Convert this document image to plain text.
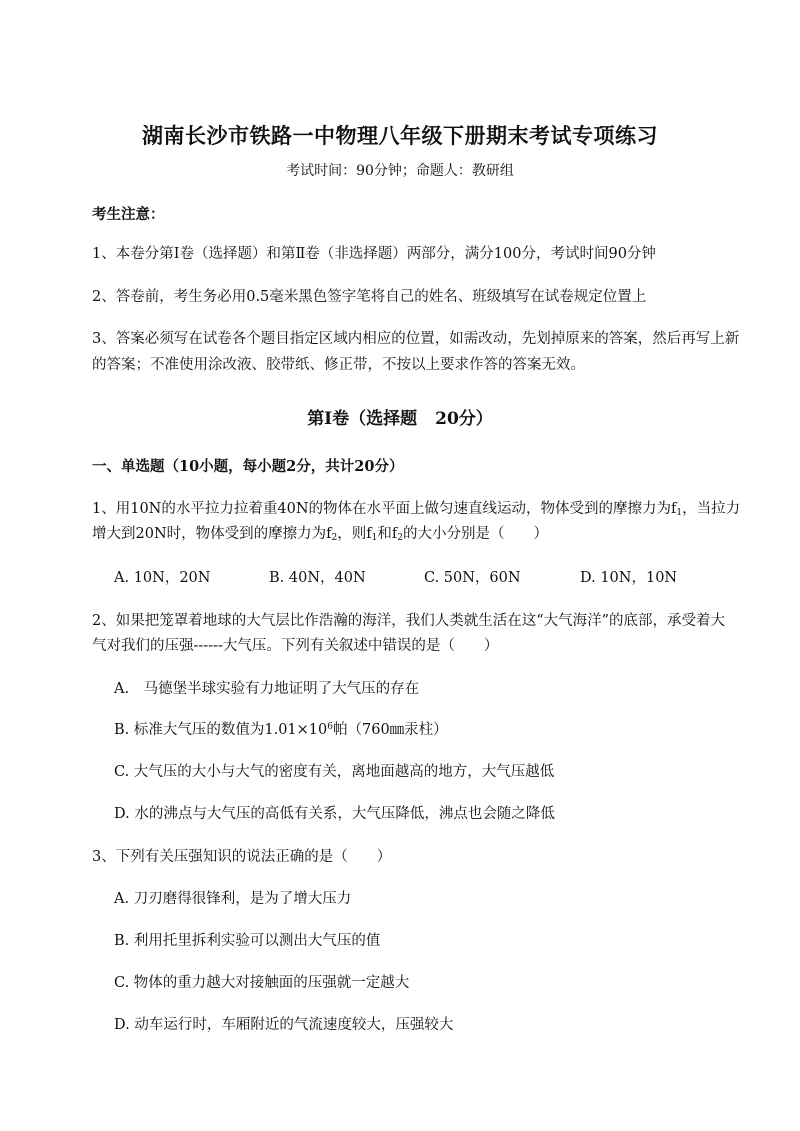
湖南长沙市铁路一中物理八年级下册期末考试专项练习
考试时间：90分钟；命题人：教研组
考生注意：
1、本卷分第I卷（选择题）和第Ⅱ卷（非选择题）两部分，满分100分，考试时间90分钟
2、答卷前，考生务必用0.5毫米黑色签字笔将自己的姓名、班级填写在试卷规定位置上
3、答案必须写在试卷各个题目指定区域内相应的位置，如需改动，先划掉原来的答案，然后再写上新的答案；不准使用涂改液、胶带纸、修正带，不按以上要求作答的答案无效。
第I卷（选择题 20分）
一、单选题（10小题，每小题2分，共计20分）
1、用10N的水平拉力拉着重40N的物体在水平面上做匀速直线运动，物体受到的摩擦力为$f_1$，当拉力
增大到20N时，物体受到的摩擦力为$f_2$，则$f_1$和$f_2$的大小分别是（　　）
A. 10N，20N	B. 40N，40N	C. 50N，60N	D. 10N，10N
2、如果把笼罩着地球的大气层比作浩瀚的海洋，我们人类就生活在这“大气海洋”的底部，承受着大
气对我们的压强------大气压。下列有关叙述中错误的是（　　）
A.　马德堡半球实验有力地证明了大气压的存在
B. 标准大气压的数值为$1.01\times 10^6$帕（760㎜汞柱）
C. 大气压的大小与大气的密度有关，离地面越高的地方，大气压越低
D. 水的沸点与大气压的高低有关系，大气压降低，沸点也会随之降低
3、下列有关压强知识的说法正确的是（　　）
A. 刀刃磨得很锋利，是为了增大压力
B. 利用托里拆利实验可以测出大气压的值
C. 物体的重力越大对接触面的压强就一定越大
D. 动车运行时，车厢附近的气流速度较大，压强较大
